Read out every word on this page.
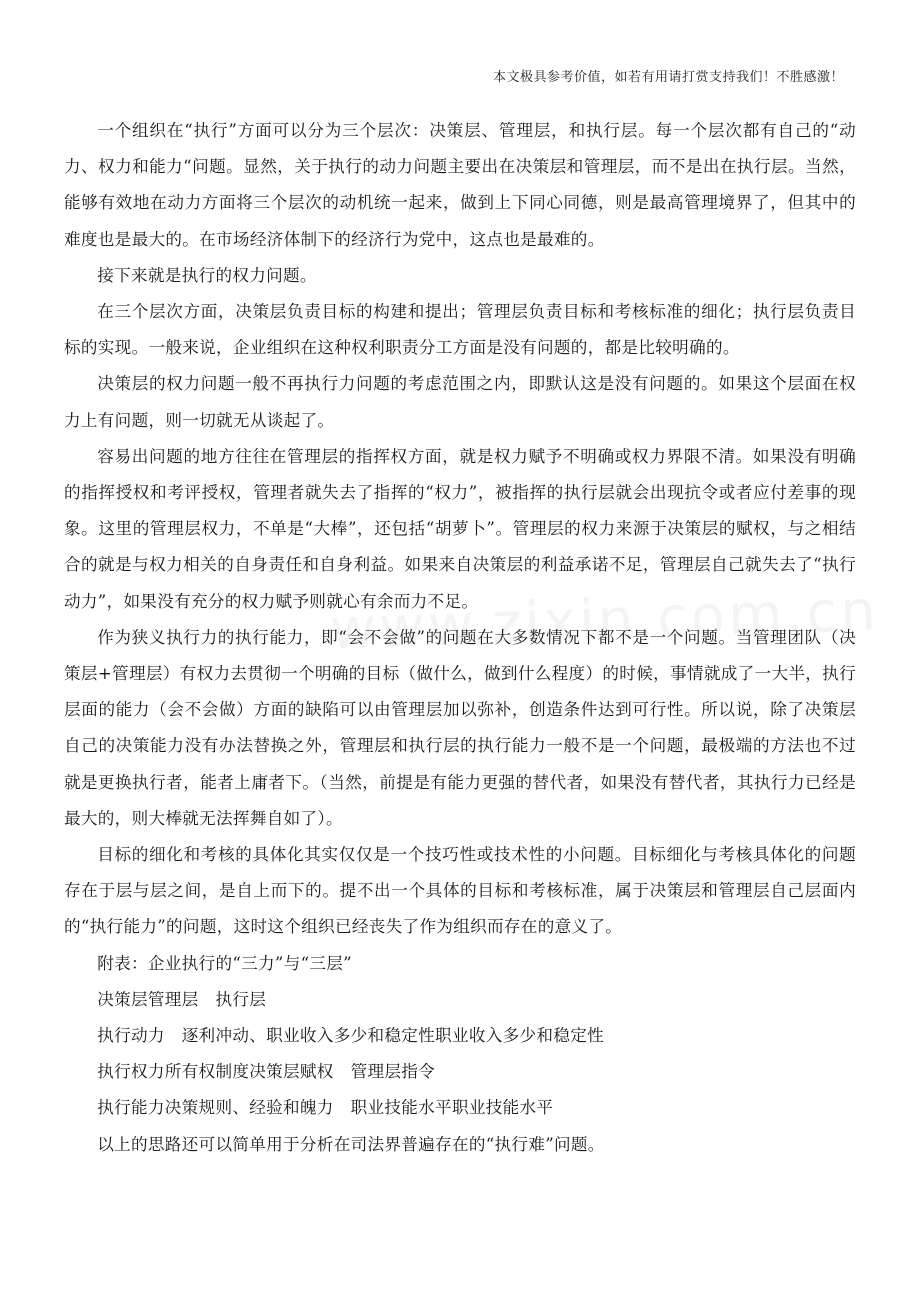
本文极具参考价值，如若有用请打赏支持我们！不胜感激！

一个组织在“执行”方面可以分为三个层次：决策层、管理层，和执行层。每一个层次都有自己的“动力、权力和能力“问题。显然，关于执行的动力问题主要出在决策层和管理层，而不是出在执行层。当然，能够有效地在动力方面将三个层次的动机统一起来，做到上下同心同德，则是最高管理境界了，但其中的难度也是最大的。在市场经济体制下的经济行为党中，这点也是最难的。

接下来就是执行的权力问题。

在三个层次方面，决策层负责目标的构建和提出；管理层负责目标和考核标准的细化；执行层负责目标的实现。一般来说，企业组织在这种权利职责分工方面是没有问题的，都是比较明确的。

决策层的权力问题一般不再执行力问题的考虑范围之内，即默认这是没有问题的。如果这个层面在权力上有问题，则一切就无从谈起了。

容易出问题的地方往往在管理层的指挥权方面，就是权力赋予不明确或权力界限不清。如果没有明确的指挥授权和考评授权，管理者就失去了指挥的“权力”，被指挥的执行层就会出现抗令或者应付差事的现象。这里的管理层权力，不单是“大棒”，还包括“胡萝卜”。管理层的权力来源于决策层的赋权，与之相结合的就是与权力相关的自身责任和自身利益。如果来自决策层的利益承诺不足，管理层自己就失去了“执行动力”，如果没有充分的权力赋予则就心有余而力不足。

作为狭义执行力的执行能力，即“会不会做”的问题在大多数情况下都不是一个问题。当管理团队（决策层+管理层）有权力去贯彻一个明确的目标（做什么，做到什么程度）的时候，事情就成了一大半，执行层面的能力（会不会做）方面的缺陷可以由管理层加以弥补，创造条件达到可行性。所以说，除了决策层自己的决策能力没有办法替换之外，管理层和执行层的执行能力一般不是一个问题，最极端的方法也不过就是更换执行者，能者上庸者下。（当然，前提是有能力更强的替代者，如果没有替代者，其执行力已经是最大的，则大棒就无法挥舞自如了）。

目标的细化和考核的具体化其实仅仅是一个技巧性或技术性的小问题。目标细化与考核具体化的问题存在于层与层之间，是自上而下的。提不出一个具体的目标和考核标准，属于决策层和管理层自己层面内的“执行能力”的问题，这时这个组织已经丧失了作为组织而存在的意义了。

附表：企业执行的“三力”与“三层”

决策层管理层　执行层

执行动力　逐利冲动、职业收入多少和稳定性职业收入多少和稳定性

执行权力所有权制度决策层赋权　管理层指令

执行能力决策规则、经验和魄力　职业技能水平职业技能水平

以上的思路还可以简单用于分析在司法界普遍存在的“执行难”问题。
